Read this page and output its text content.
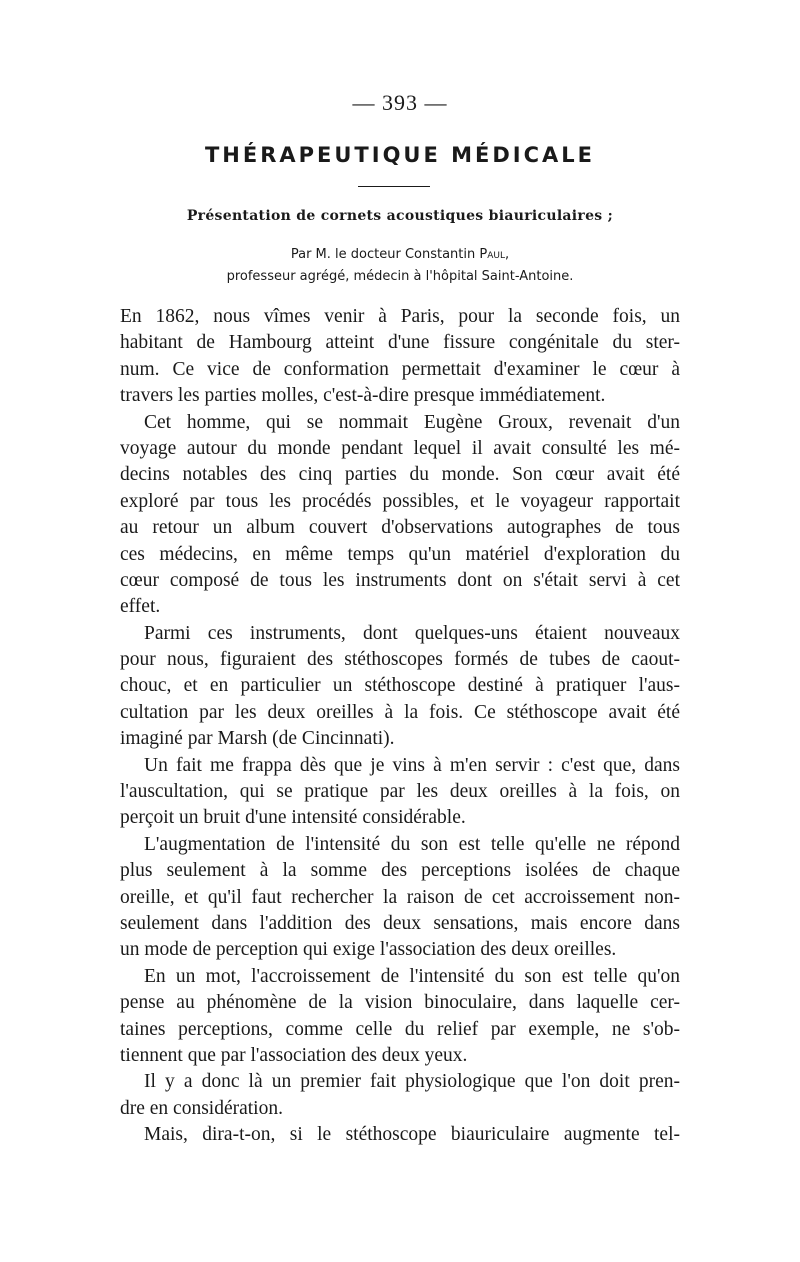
— 393 —
THÉRAPEUTIQUE MÉDICALE
Présentation de cornets acoustiques biauriculaires ;
Par M. le docteur Constantin Paul,
professeur agrégé, médecin à l'hôpital Saint-Antoine.
En 1862, nous vîmes venir à Paris, pour la seconde fois, un
habitant de Hambourg atteint d'une fissure congénitale du ster-
num. Ce vice de conformation permettait d'examiner le cœur à
travers les parties molles, c'est-à-dire presque immédiatement.
Cet homme, qui se nommait Eugène Groux, revenait d'un
voyage autour du monde pendant lequel il avait consulté les mé-
decins notables des cinq parties du monde. Son cœur avait été
exploré par tous les procédés possibles, et le voyageur rapportait
au retour un album couvert d'observations autographes de tous
ces médecins, en même temps qu'un matériel d'exploration du
cœur composé de tous les instruments dont on s'était servi à cet
effet.
Parmi ces instruments, dont quelques-uns étaient nouveaux
pour nous, figuraient des stéthoscopes formés de tubes de caout-
chouc, et en particulier un stéthoscope destiné à pratiquer l'aus-
cultation par les deux oreilles à la fois. Ce stéthoscope avait été
imaginé par Marsh (de Cincinnati).
Un fait me frappa dès que je vins à m'en servir : c'est que, dans
l'auscultation, qui se pratique par les deux oreilles à la fois, on
perçoit un bruit d'une intensité considérable.
L'augmentation de l'intensité du son est telle qu'elle ne répond
plus seulement à la somme des perceptions isolées de chaque
oreille, et qu'il faut rechercher la raison de cet accroissement non-
seulement dans l'addition des deux sensations, mais encore dans
un mode de perception qui exige l'association des deux oreilles.
En un mot, l'accroissement de l'intensité du son est telle qu'on
pense au phénomène de la vision binoculaire, dans laquelle cer-
taines perceptions, comme celle du relief par exemple, ne s'ob-
tiennent que par l'association des deux yeux.
Il y a donc là un premier fait physiologique que l'on doit pren-
dre en considération.
Mais, dira-t-on, si le stéthoscope biauriculaire augmente tel-
